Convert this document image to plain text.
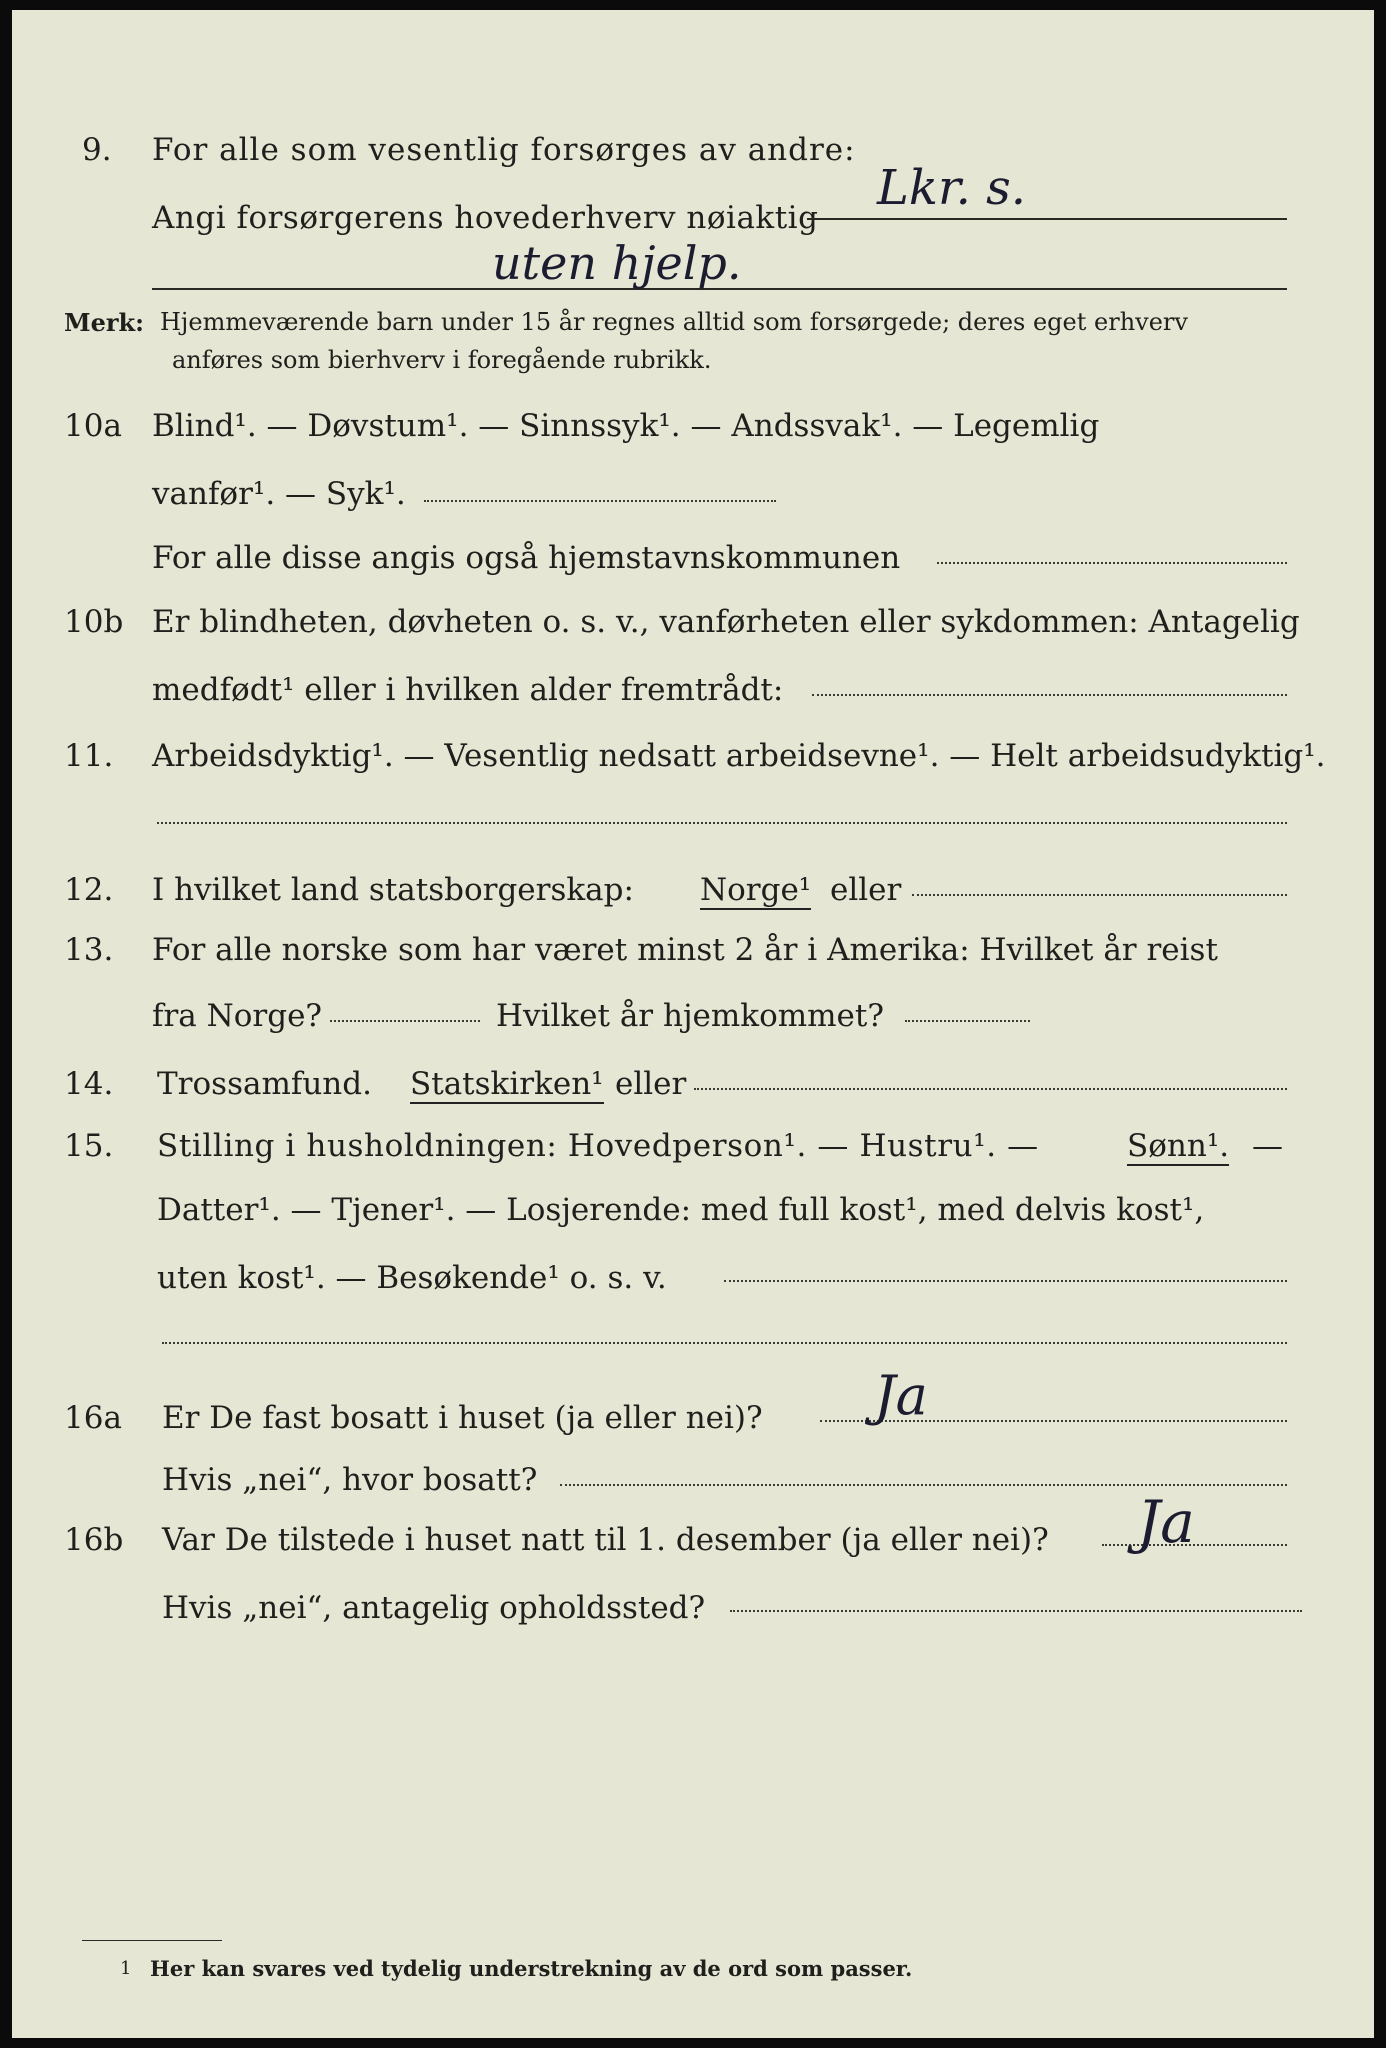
9. For alle som vesentlig forsørges av andre:
Angi forsørgerens hovederhverv nøiaktig
Lkr. s.
uten hjelp.
Merk: Hjemmeværende barn under 15 år regnes alltid som forsørgede; deres eget erhverv
anføres som bierhverv i foregående rubrikk.
10a Blind¹. — Døvstum¹. — Sinnssyk¹. — Andssvak¹. — Legemlig
vanfør¹. — Syk¹.
For alle disse angis også hjemstavnskommunen
10b Er blindheten, døvheten o. s. v., vanførheten eller sykdommen: Antagelig
medfødt¹ eller i hvilken alder fremtrådt:
11. Arbeidsdyktig¹. — Vesentlig nedsatt arbeidsevne¹. — Helt arbeidsudyktig¹.
12. I hvilket land statsborgerskap: Norge¹ eller
13. For alle norske som har været minst 2 år i Amerika: Hvilket år reist
fra Norge?	Hvilket år hjemkommet?
14. Trossamfund. Statskirken¹ eller
15. Stilling i husholdningen: Hovedperson¹. — Hustru¹. —	Sønn¹. —
Datter¹. — Tjener¹. — Losjerende: med full kost¹, med delvis kost¹,
uten kost¹. — Besøkende¹ o. s. v.
16a Er De fast bosatt i huset (ja eller nei)? Ja
Hvis „nei“, hvor bosatt?
16b Var De tilstede i huset natt til 1. desember (ja eller nei)? Ja
Hvis „nei“, antagelig opholdssted?
1 Her kan svares ved tydelig understrekning av de ord som passer.
